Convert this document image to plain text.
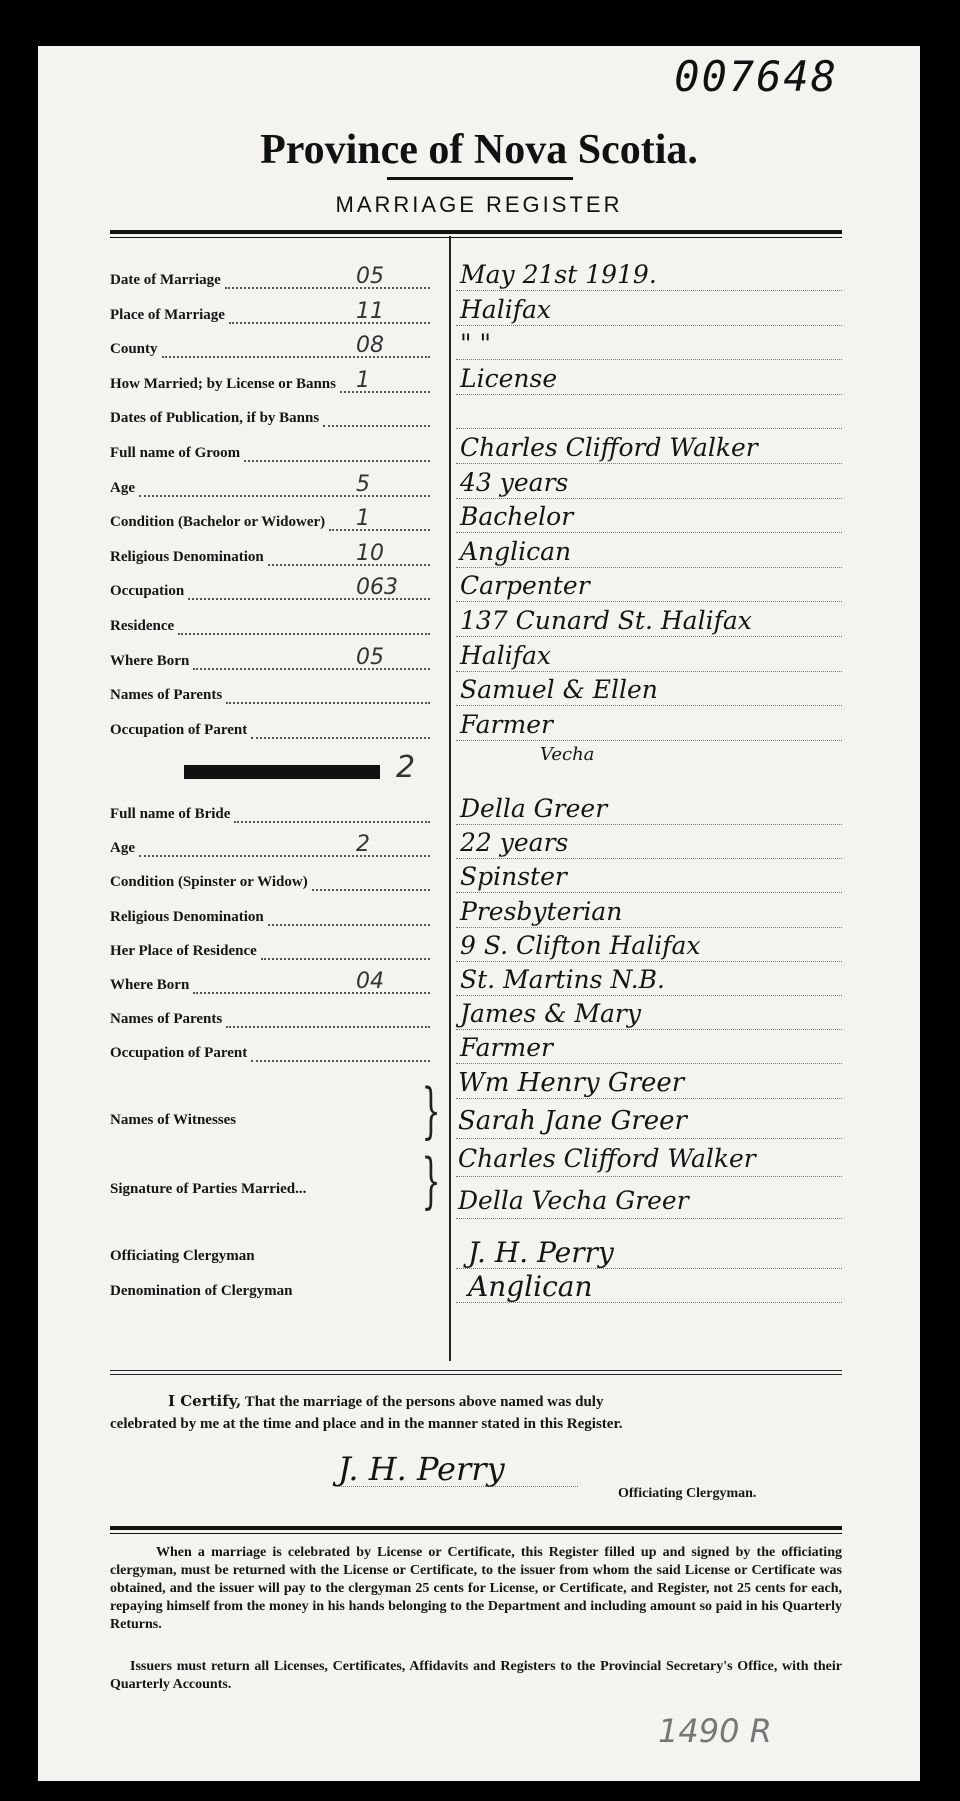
007648
Province of Nova Scotia.
MARRIAGE REGISTER
Date of Marriage	05	May 21st 1919.
Place of Marriage	11	Halifax
County	08	" "
How Married; by License or Banns 1	License
Dates of Publication, if by Banns
Full name of Groom	Charles Clifford Walker
Age	5	43 years
Condition (Bachelor or Widower) 1	Bachelor
Religious Denomination	10	Anglican
Occupation	063 Carpenter
Residence	137 Cunard St. Halifax
Where Born	05	Halifax
Names of Parents	Samuel & Ellen
Occupation of Parent	Farmer
2	Vecha
Full name of Bride	Della Greer
Age	2	22 years
Condition (Spinster or Widow)	Spinster
Religious Denomination	Presbyterian
Her Place of Residence	9 S. Clifton Halifax
Where Born	04	St. Martins N.B.
Names of Parents	James & Mary
Occupation of Parent	Farmer
Names of Witnesses	} Wm Henry Greer
Sarah Jane Greer
Signature of Parties Married... } Charles Clifford Walker
Della Vecha Greer
Officiating Clergyman	J. H. Perry
Denomination of Clergyman	Anglican
I Certify, That the marriage of the persons above named was duly
celebrated by me at the time and place and in the manner stated in this Register.
J. H. Perry
Officiating Clergyman.
When a marriage is celebrated by License or Certificate, this Register filled up and signed by the officiating clergyman, must be returned with the License or Certificate, to the issuer from whom the said License or Certificate was obtained, and the issuer will pay to the clergyman 25 cents for License, or Certificate, and Register, not 25 cents for each, repaying himself from the money in his hands belonging to the Department and including amount so paid in his Quarterly Returns.
Issuers must return all Licenses, Certificates, Affidavits and Registers to the Provincial Secretary's Office, with their Quarterly Accounts.
1490 R
